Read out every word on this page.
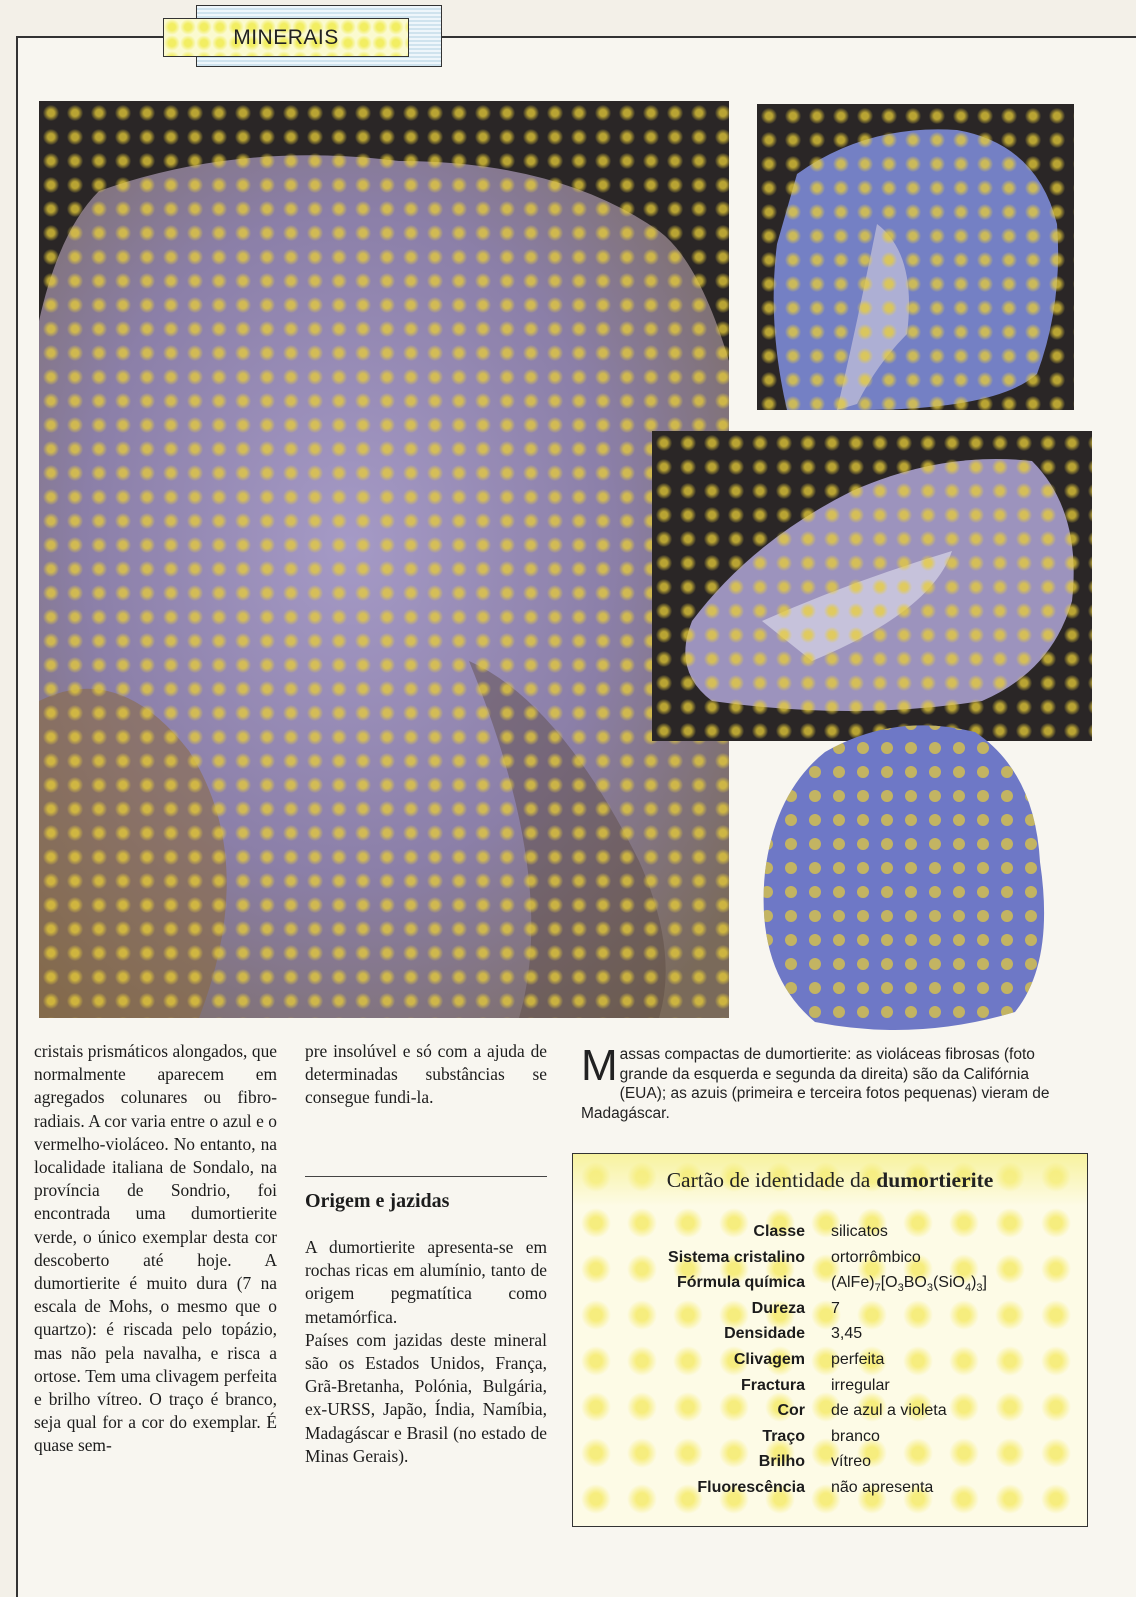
MINERAIS

cristais prismáticos alongados, que normalmente aparecem em agregados colunares ou fibro-radiais. A cor varia entre o azul e o vermelho-violáceo. No entanto, na localidade italiana de Sondalo, na província de Sondrio, foi encontrada uma dumortierite verde, o único exemplar desta cor descoberto até hoje. A dumortierite é muito dura (7 na escala de Mohs, o mesmo que o quartzo): é riscada pelo topázio, mas não pela navalha, e risca a ortose. Tem uma clivagem perfeita e brilho vítreo. O traço é branco, seja qual for a cor do exemplar. É quase sem-

pre insolúvel e só com a ajuda de determinadas substâncias se consegue fundi-la.

Origem e jazidas

A dumortierite apresenta-se em rochas ricas em alumínio, tanto de origem pegmatítica como metamórfica.

Países com jazidas deste mineral são os Estados Unidos, França, Grã-Bretanha, Polónia, Bulgária, ex-URSS, Japão, Índia, Namíbia, Madagáscar e Brasil (no estado de Minas Gerais).

Massas compactas de dumortierite: as violáceas fibrosas (foto grande da esquerda e segunda da direita) são da Califórnia (EUA); as azuis (primeira e terceira fotos pequenas) vieram de Madagáscar.
Cartão de identidade da dumortierite
Classe silicatos
Sistema cristalino ortorrômbico
Fórmula química $(AlFe)_7[O_3BO_3(SiO_4)_3]$
Dureza 7
Densidade 3,45
Clivagem perfeita
Fractura irregular
Cor de azul a violeta
Traço branco
Brilho vítreo
Fluorescência não apresenta
